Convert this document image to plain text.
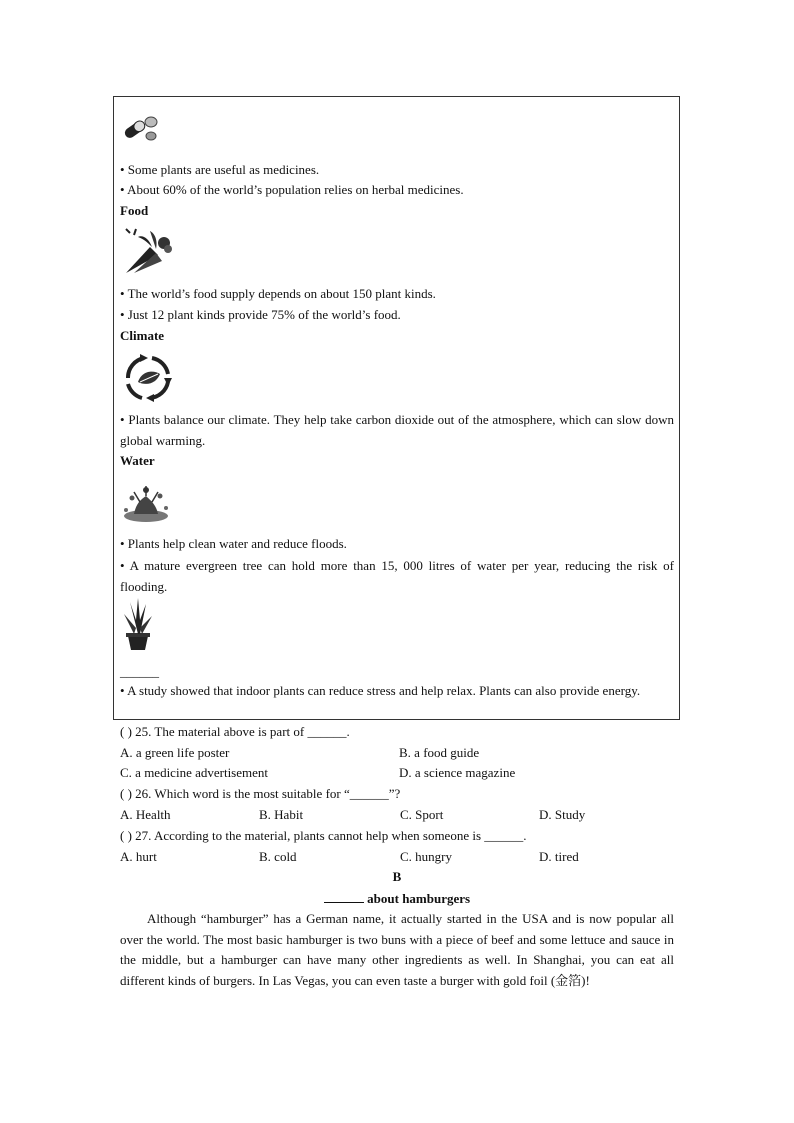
• Some plants are useful as medicines.
• About 60% of the world’s population relies on herbal medicines.
Food
• The world’s food supply depends on about 150 plant kinds.
• Just 12 plant kinds provide 75% of the world’s food.
Climate
• Plants balance our climate. They help take carbon dioxide out of the atmosphere, which can slow down global warming.
Water
• Plants help clean water and reduce floods.
• A mature evergreen tree can hold more than 15, 000 litres of water per year, reducing the risk of flooding.
______
• A study showed that indoor plants can reduce stress and help relax. Plants can also provide energy.
( ) 25. The material above is part of ______.
A. a green life poster	B. a food guide
C. a medicine advertisement	D. a science magazine
( ) 26. Which word is the most suitable for “______”?
A. Health	B. Habit	C. Sport	D. Study
( ) 27. According to the material, plants cannot help when someone is ______.
A. hurt	B. cold	C. hungry	D. tired
B
about hamburgers
Although “hamburger” has a German name, it actually started in the USA and is now popular all over the world. The most basic hamburger is two buns with a piece of beef and some lettuce and sauce in the middle, but a hamburger can have many other ingredients as well. In Shanghai, you can eat all different kinds of burgers. In Las Vegas, you can even taste a burger with gold foil (金箔)!
